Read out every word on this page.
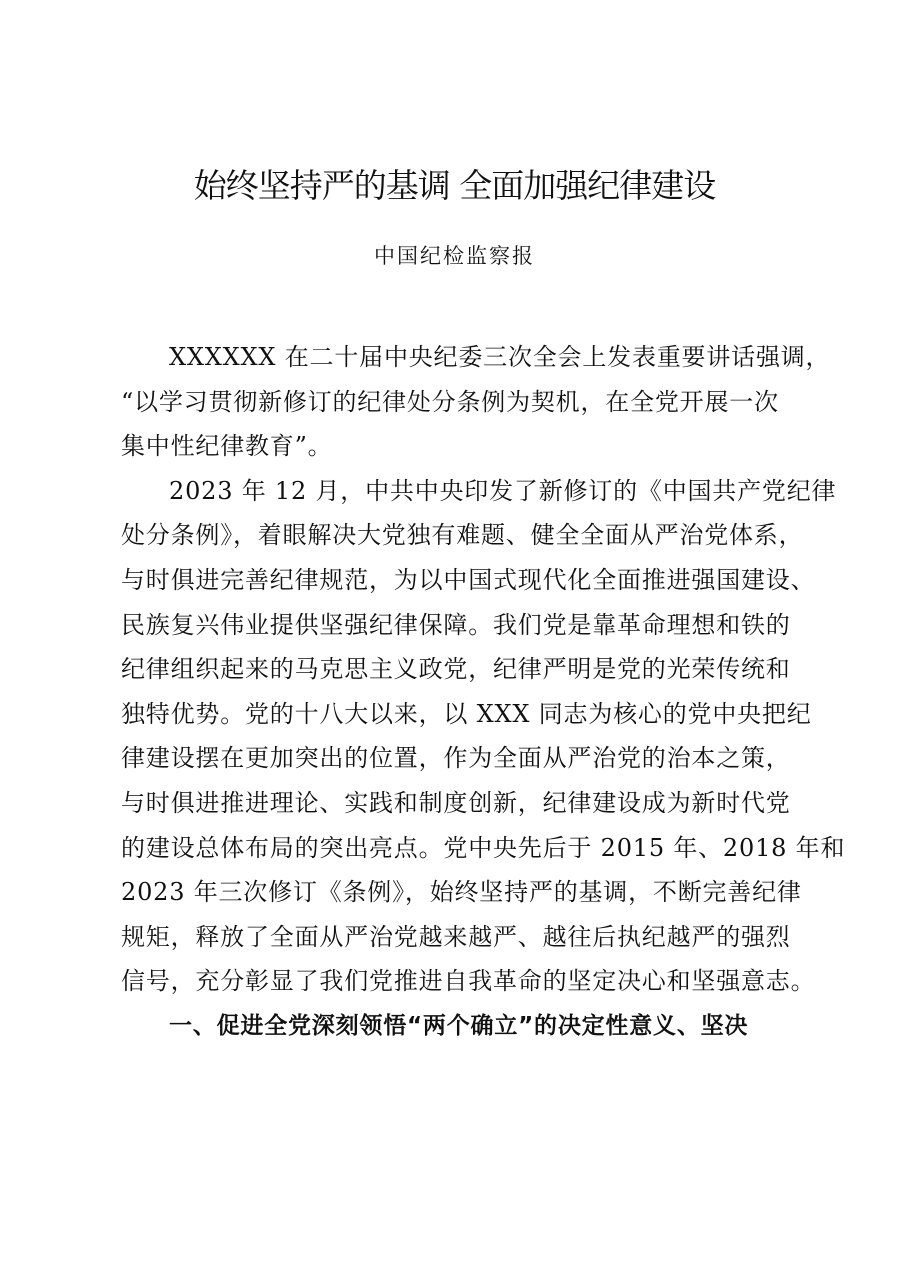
始终坚持严的基调 全面加强纪律建设
中国纪检监察报

XXXXXX 在二十届中央纪委三次全会上发表重要讲话强调，
“以学习贯彻新修订的纪律处分条例为契机，在全党开展一次
集中性纪律教育”。

2023 年 12 月，中共中央印发了新修订的《中国共产党纪律
处分条例》，着眼解决大党独有难题、健全全面从严治党体系，
与时俱进完善纪律规范，为以中国式现代化全面推进强国建设、
民族复兴伟业提供坚强纪律保障。我们党是靠革命理想和铁的
纪律组织起来的马克思主义政党，纪律严明是党的光荣传统和
独特优势。党的十八大以来，以 XXX 同志为核心的党中央把纪
律建设摆在更加突出的位置，作为全面从严治党的治本之策，
与时俱进推进理论、实践和制度创新，纪律建设成为新时代党
的建设总体布局的突出亮点。党中央先后于 2015 年、2018 年和
2023 年三次修订《条例》，始终坚持严的基调，不断完善纪律
规矩，释放了全面从严治党越来越严、越往后执纪越严的强烈
信号，充分彰显了我们党推进自我革命的坚定决心和坚强意志。

一、促进全党深刻领悟“两个确立”的决定性意义、坚决
